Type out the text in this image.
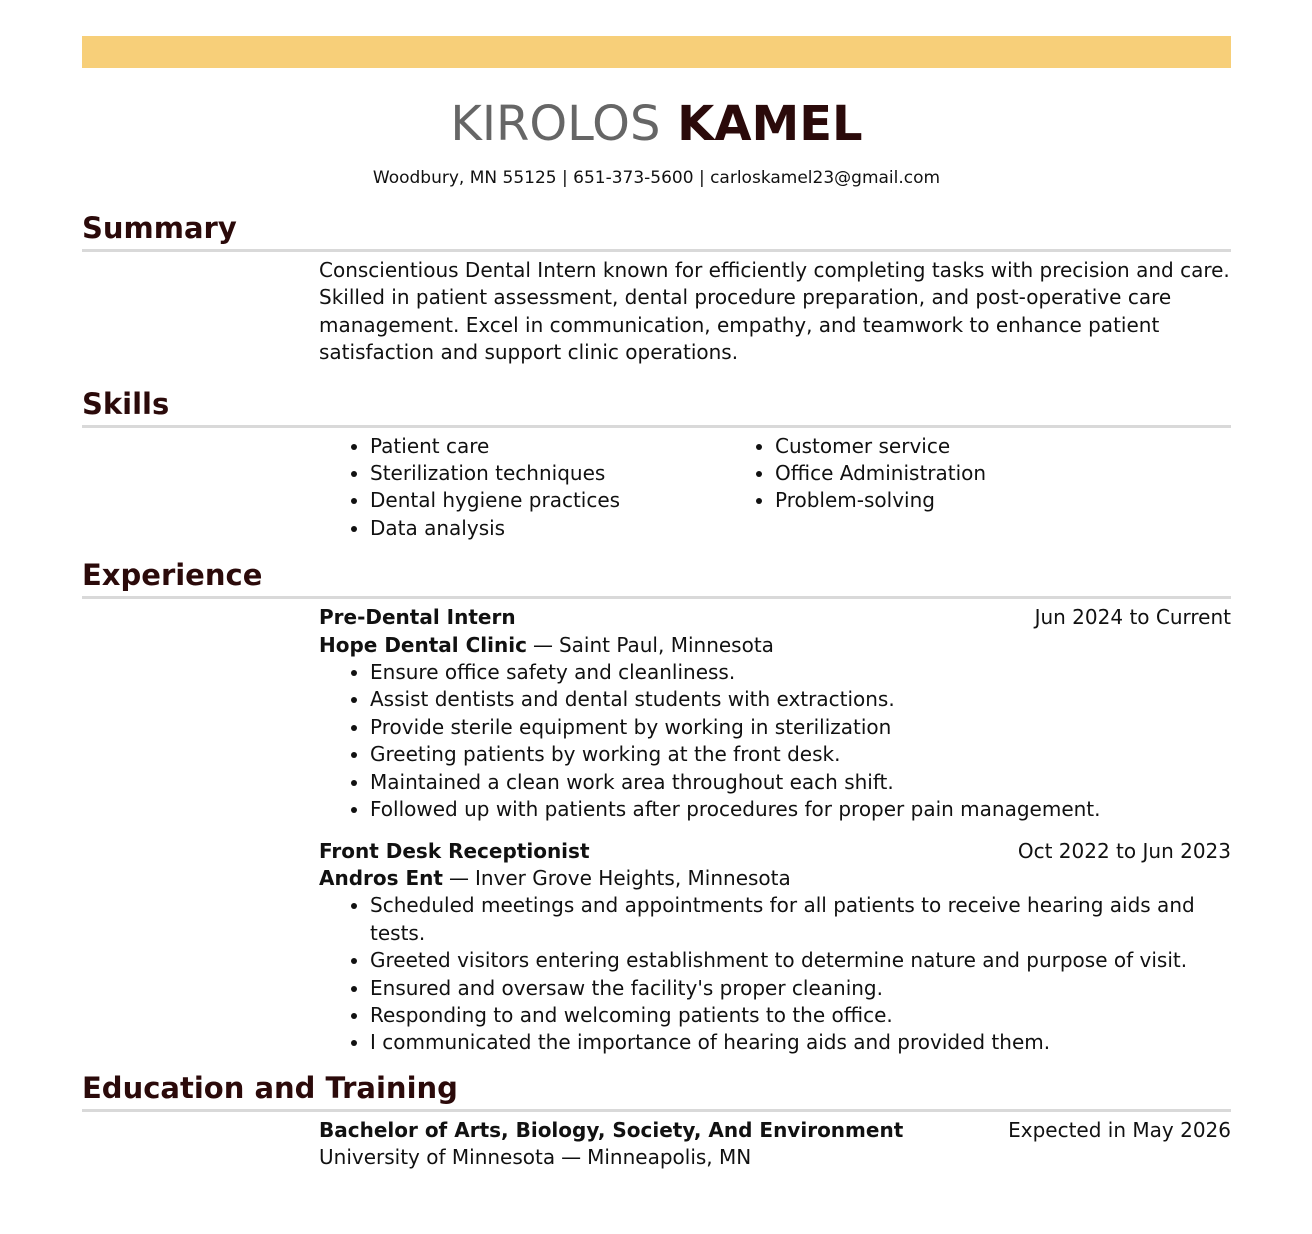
KIROLOS KAMEL
Woodbury, MN 55125 | 651-373-5600 | carloskamel23@gmail.com
Summary

Conscientious Dental Intern known for efficiently completing tasks with precision and care. Skilled in patient assessment, dental procedure preparation, and post-operative care management. Excel in communication, empathy, and teamwork to enhance patient satisfaction and support clinic operations.

Skills
• Patient care
• Sterilization techniques
• Dental hygiene practices
• Data analysis
• Customer service
• Office Administration
• Problem-solving
Experience
Pre-Dental Intern	Jun 2024 to Current
Hope Dental Clinic — Saint Paul, Minnesota
• Ensure office safety and cleanliness.
• Assist dentists and dental students with extractions.
• Provide sterile equipment by working in sterilization
• Greeting patients by working at the front desk.
• Maintained a clean work area throughout each shift.
• Followed up with patients after procedures for proper pain management.
Front Desk Receptionist	Oct 2022 to Jun 2023
Andros Ent — Inver Grove Heights, Minnesota
• Scheduled meetings and appointments for all patients to receive hearing aids and tests.
• Greeted visitors entering establishment to determine nature and purpose of visit.
• Ensured and oversaw the facility's proper cleaning.
• Responding to and welcoming patients to the office.
• I communicated the importance of hearing aids and provided them.
Education and Training
Bachelor of Arts, Biology, Society, And Environment	Expected in May 2026
University of Minnesota — Minneapolis, MN
